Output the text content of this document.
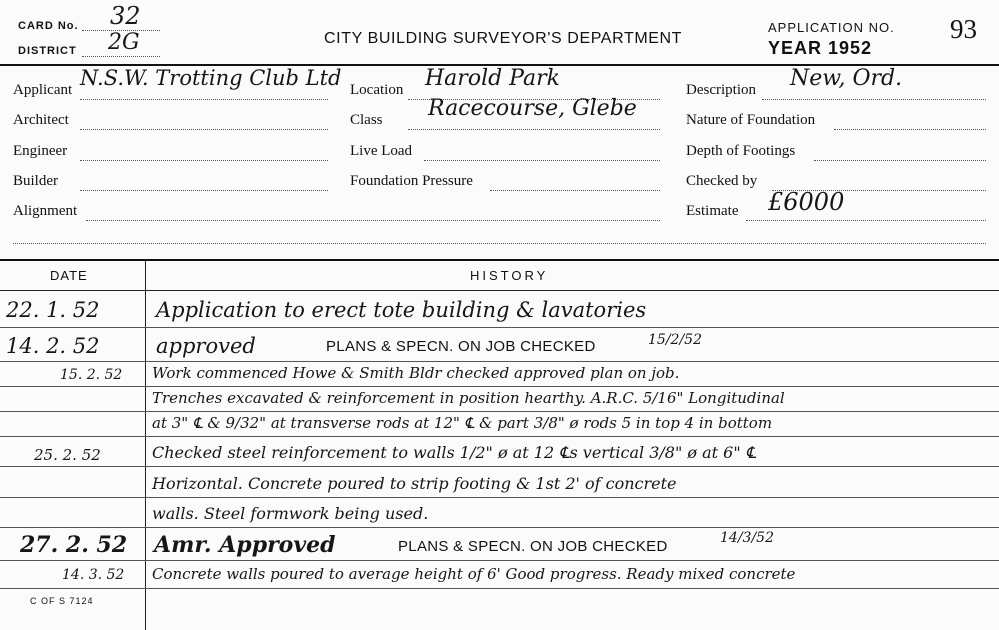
CARD No. 32
DISTRICT 2G	CITY BUILDING SURVEYOR'S DEPARTMENT
APPLICATION NO. 93
YEAR 1952
Applicant N.S.W. Trotting Club Ltd Location Harold Park	Description New, Ord.
Architect	Class Racecourse, Glebe	Nature of Foundation
Engineer	Live Load	Depth of Footings
Builder	Foundation Pressure	Checked by
Alignment	Estimate £6000
DATE	HISTORY
22. 1. 52	Application to erect tote building & lavatories
14. 2. 52	approved	PLANS & SPECN. ON JOB CHECKED	15/2/52
15. 2. 52 Work commenced Howe & Smith Bldr checked approved plan on job.
Trenches excavated & reinforcement in position hearthy. A.R.C. 5/16" Longitudinal
at 3" ℄ & 9/32" at transverse rods at 12" ℄ & part 3/8" ø rods 5 in top 4 in bottom
25. 2. 52	Checked steel reinforcement to walls 1/2" ø at 12 ℄s vertical 3/8" ø at 6" ℄
Horizontal. Concrete poured to strip footing & 1st 2' of concrete
walls. Steel formwork being used.
27. 2. 52 Amr. Approved	PLANS & SPECN. ON JOB CHECKED	14/3/52
14. 3. 52 Concrete walls poured to average height of 6' Good progress. Ready mixed concrete
C OF S 7124
